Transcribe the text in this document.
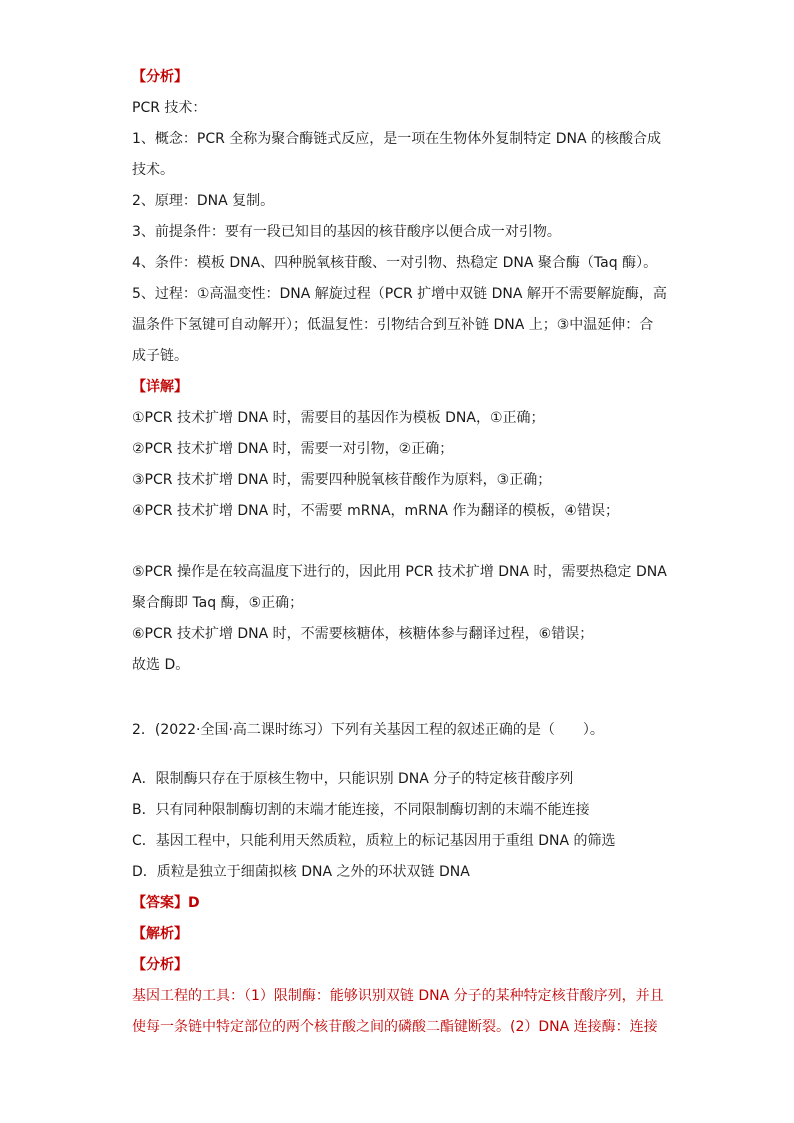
【分析】
PCR 技术：
1、概念：PCR 全称为聚合酶链式反应，是一项在生物体外复制特定 DNA 的核酸合成
技术。
2、原理：DNA 复制。
3、前提条件：要有一段已知目的基因的核苷酸序以便合成一对引物。
4、条件：模板 DNA、四种脱氧核苷酸、一对引物、热稳定 DNA 聚合酶（Taq 酶）。
5、过程：①高温变性：DNA 解旋过程（PCR 扩增中双链 DNA 解开不需要解旋酶，高
温条件下氢键可自动解开）；低温复性：引物结合到互补链 DNA 上；③中温延伸：合
成子链。
【详解】
①PCR 技术扩增 DNA 时，需要目的基因作为模板 DNA，①正确；
②PCR 技术扩增 DNA 时，需要一对引物，②正确；
③PCR 技术扩增 DNA 时，需要四种脱氧核苷酸作为原料，③正确；
④PCR 技术扩增 DNA 时，不需要 mRNA，mRNA 作为翻译的模板，④错误；
⑤PCR 操作是在较高温度下进行的，因此用 PCR 技术扩增 DNA 时，需要热稳定 DNA
聚合酶即 Taq 酶，⑤正确；
⑥PCR 技术扩增 DNA 时，不需要核糖体，核糖体参与翻译过程，⑥错误；
故选 D。
2．(2022·全国·高二课时练习）下列有关基因工程的叙述正确的是（　　）。
A．限制酶只存在于原核生物中，只能识别 DNA 分子的特定核苷酸序列
B．只有同种限制酶切割的末端才能连接，不同限制酶切割的末端不能连接
C．基因工程中，只能利用天然质粒，质粒上的标记基因用于重组 DNA 的筛选
D．质粒是独立于细菌拟核 DNA 之外的环状双链 DNA
【答案】D
【解析】
【分析】
基因工程的工具：（1）限制酶：能够识别双链 DNA 分子的某种特定核苷酸序列，并且
使每一条链中特定部位的两个核苷酸之间的磷酸二酯键断裂。(2）DNA 连接酶：连接
